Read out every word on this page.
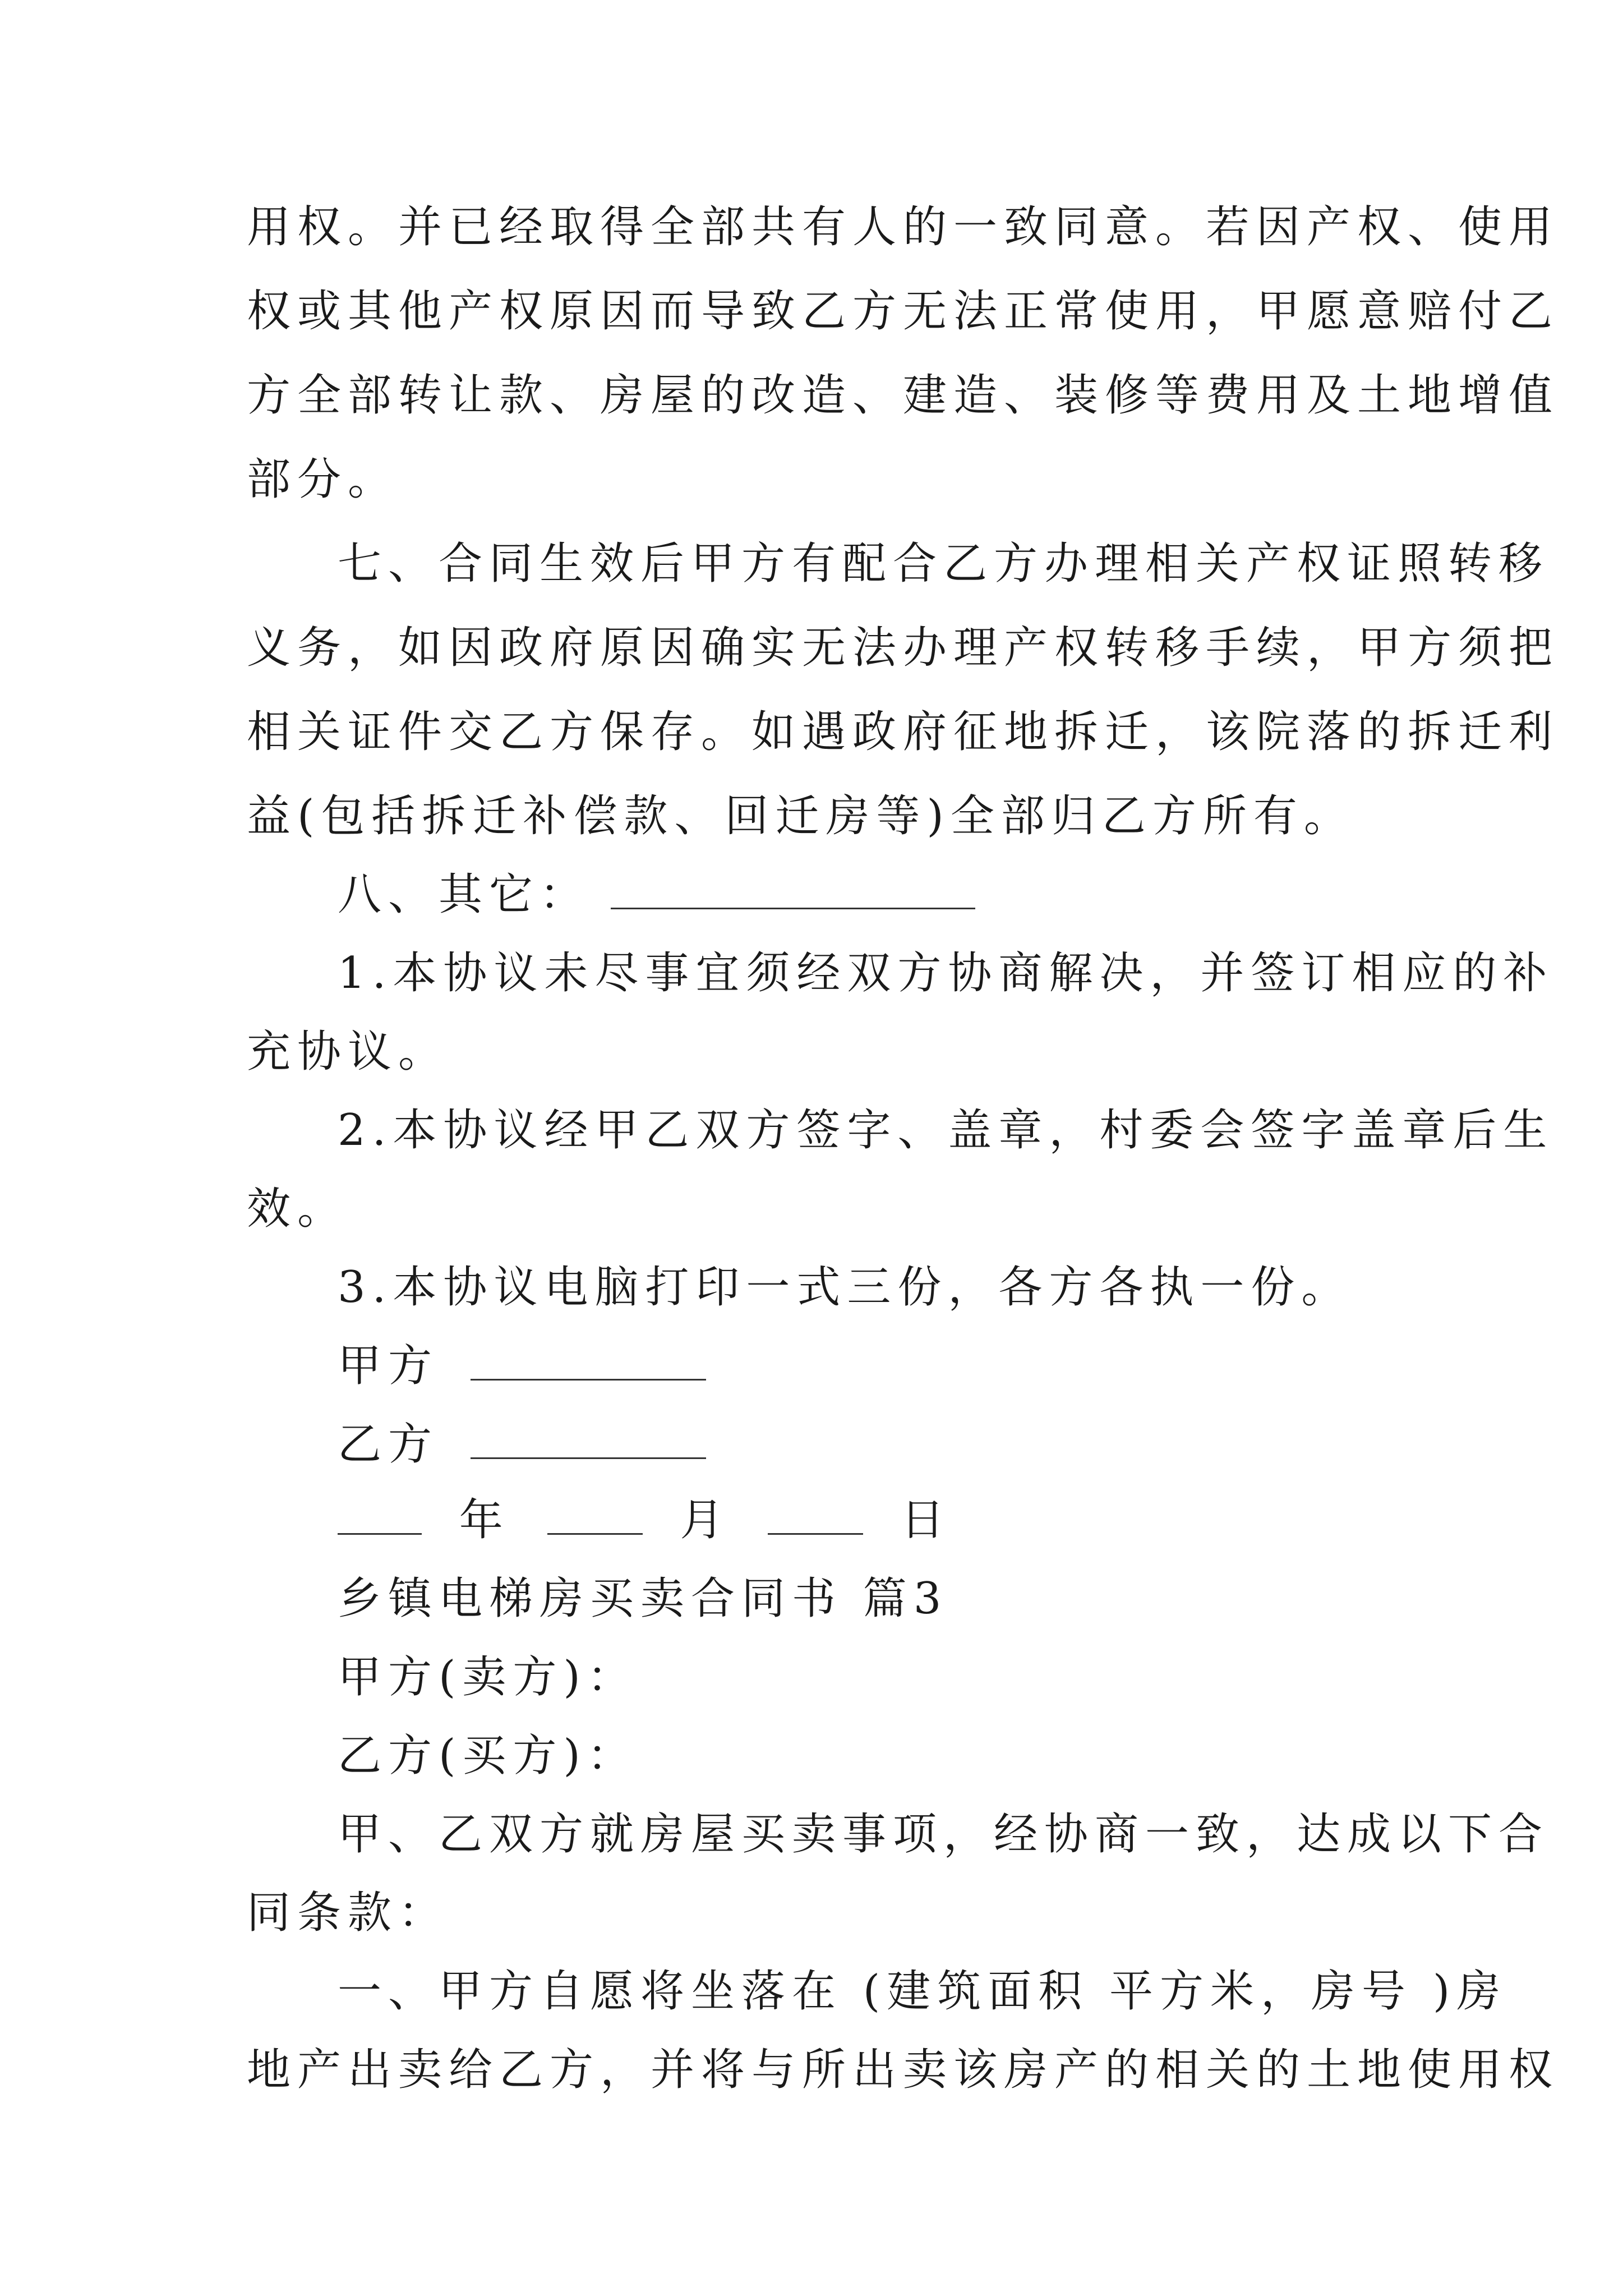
用权。并已经取得全部共有人的一致同意。若因产权、使用
权或其他产权原因而导致乙方无法正常使用，甲愿意赔付乙
方全部转让款、房屋的改造、建造、装修等费用及土地增值
部分。
七、合同生效后甲方有配合乙方办理相关产权证照转移
义务，如因政府原因确实无法办理产权转移手续，甲方须把
相关证件交乙方保存。如遇政府征地拆迁，该院落的拆迁利
益(包括拆迁补偿款、回迁房等)全部归乙方所有。
八、其它：
1.本协议未尽事宜须经双方协商解决，并签订相应的补
充协议。
2.本协议经甲乙双方签字、盖章，村委会签字盖章后生
效。
3.本协议电脑打印一式三份，各方各执一份。
甲方
乙方
年	月	日
乡镇电梯房买卖合同书 篇3
甲方(卖方)：
乙方(买方)：
甲、乙双方就房屋买卖事项，经协商一致，达成以下合
同条款：
一、甲方自愿将坐落在 (建筑面积 平方米，房号 )房
地产出卖给乙方，并将与所出卖该房产的相关的土地使用权
